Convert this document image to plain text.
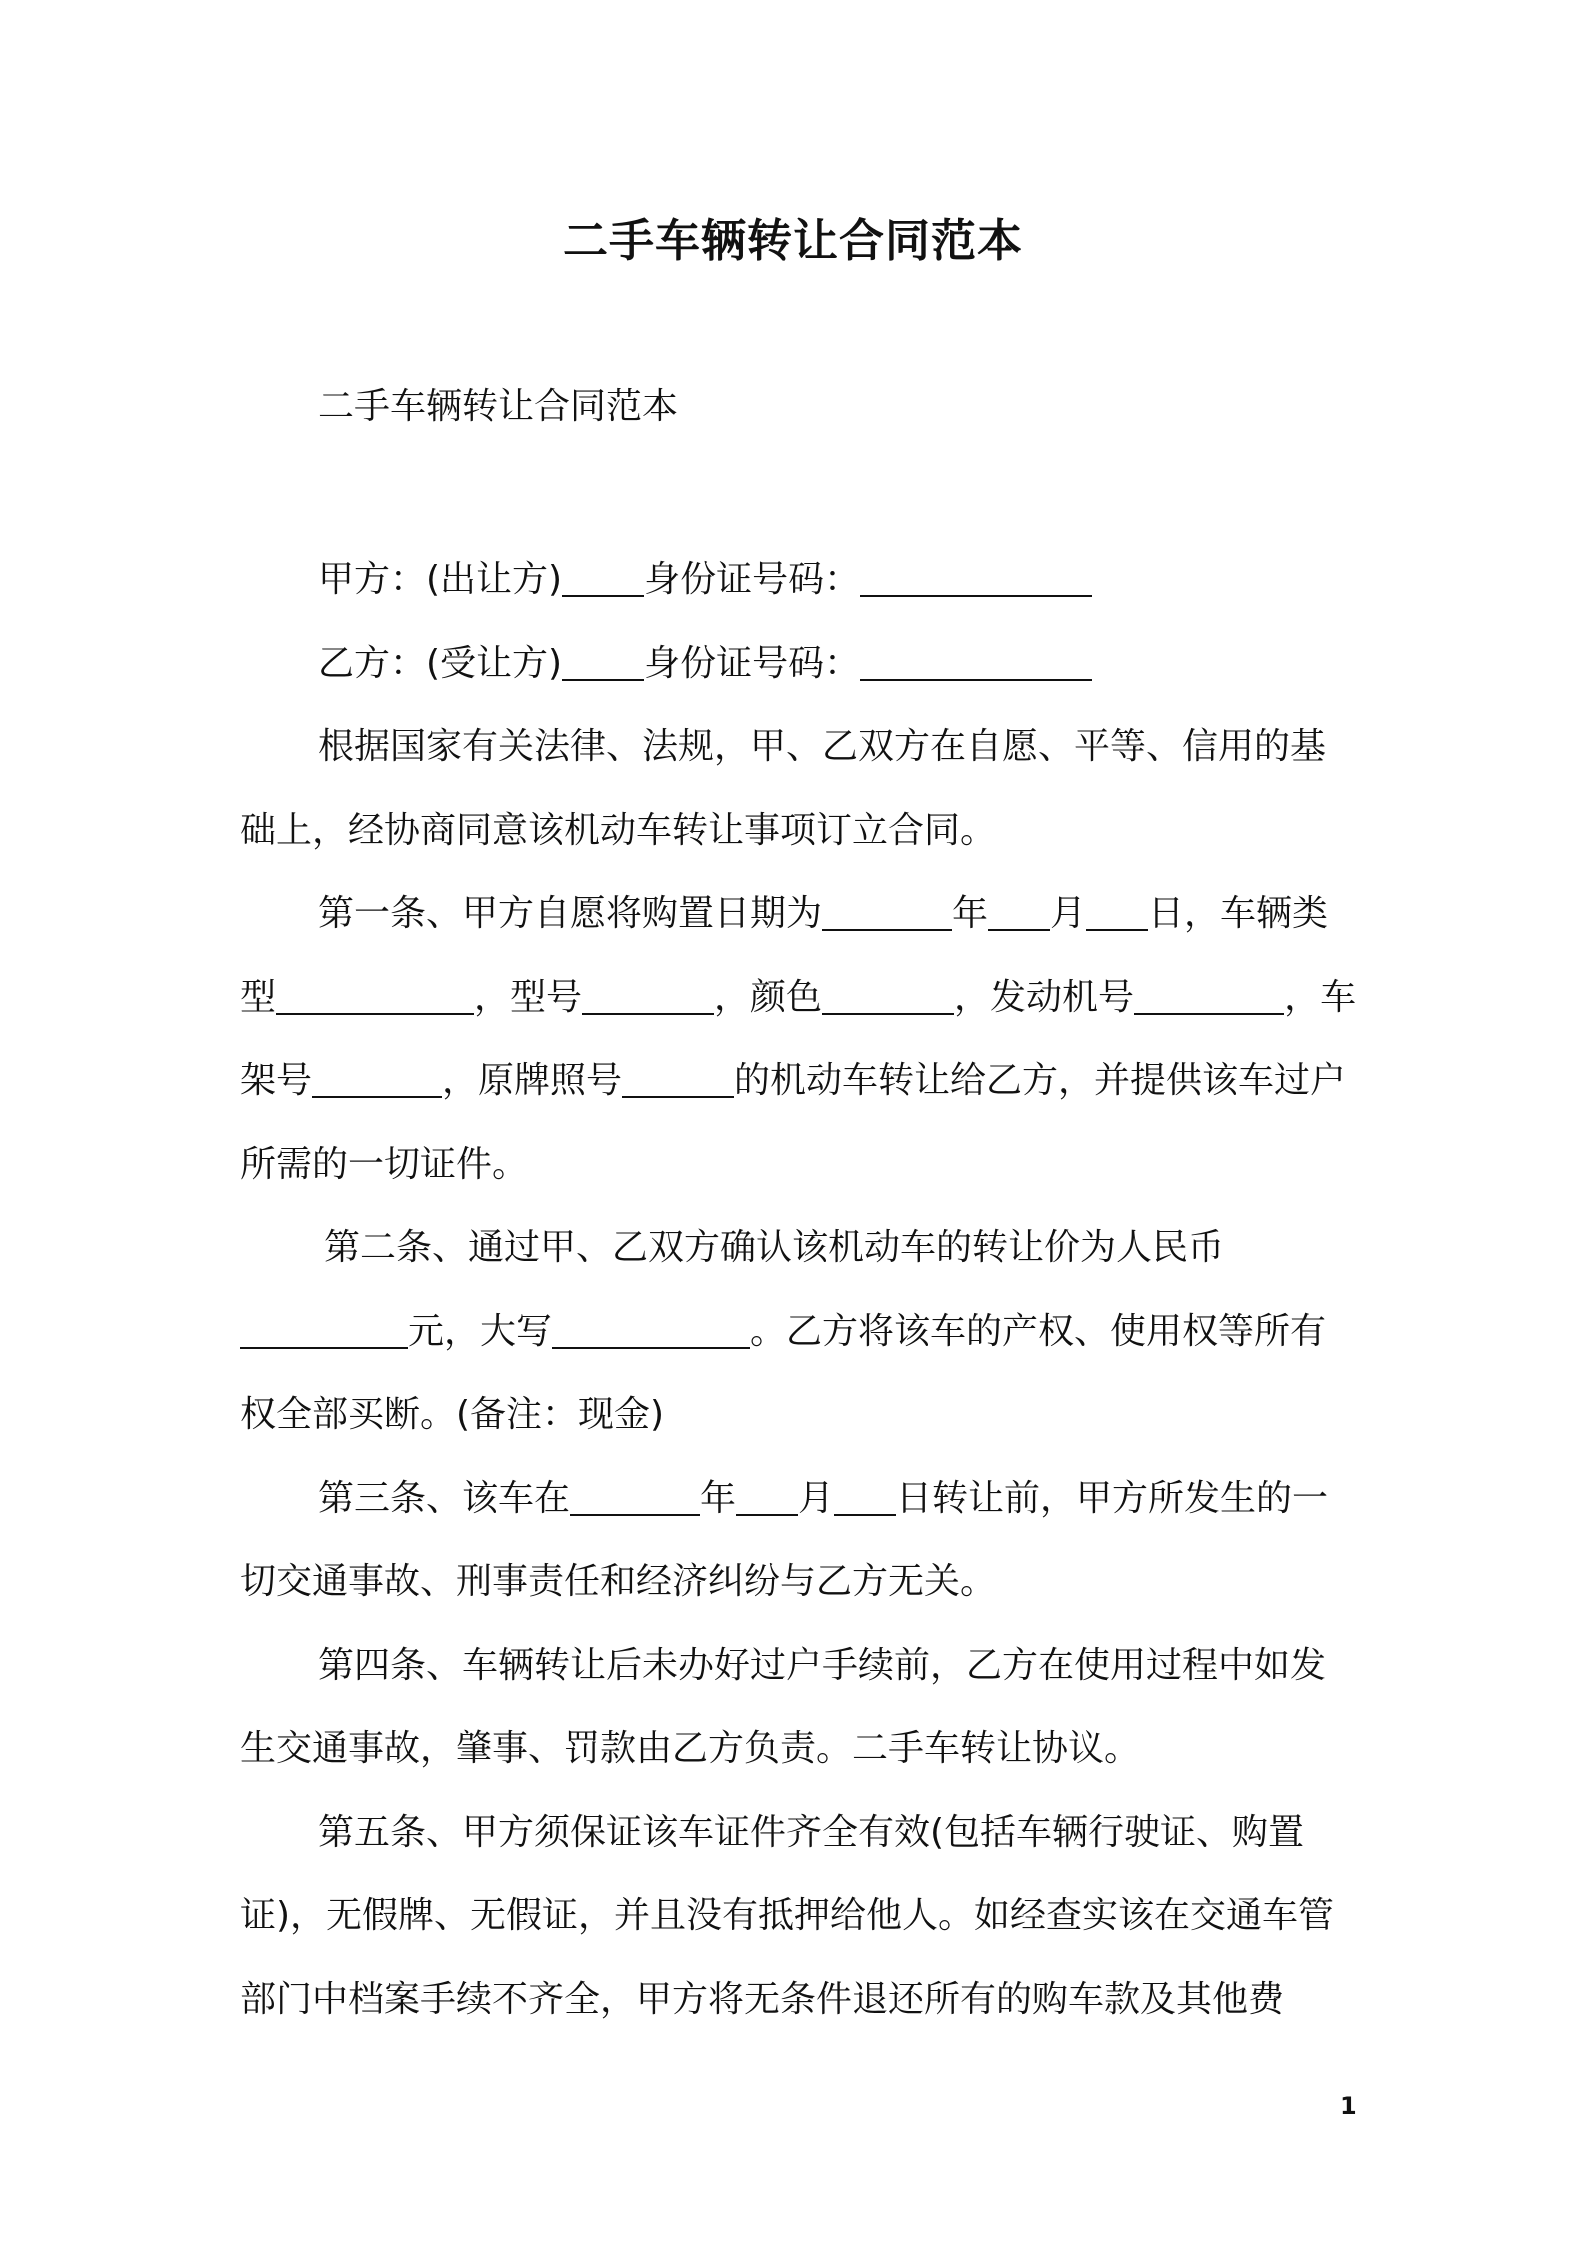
二手车辆转让合同范本
二手车辆转让合同范本

甲方：(出让方) 身份证号码：

乙方：(受让方) 身份证号码：

根据国家有关法律、法规，甲、乙双方在自愿、平等、信用的基础上，经协商同意该机动车转让事项订立合同。

第一条、甲方自愿将购置日期为	年 月 日，车辆类型	，型号	，颜色	，发动机号	，车架号	，原牌照号	的机动车转让给乙方，并提供该车过户所需的一切证件。

第二条、通过甲、乙双方确认该机动车的转让价为人民币元，大写	。乙方将该车的产权、使用权等所有权全部买断。(备注：现金)

第三条、该车在	年 月 日转让前，甲方所发生的一切交通事故、刑事责任和经济纠纷与乙方无关。

第四条、车辆转让后未办好过户手续前，乙方在使用过程中如发生交通事故，肇事、罚款由乙方负责。二手车转让协议。

第五条、甲方须保证该车证件齐全有效(包括车辆行驶证、购置证)，无假牌、无假证，并且没有抵押给他人。如经查实该在交通车管部门中档案手续不齐全，甲方将无条件退还所有的购车款及其他费

1
